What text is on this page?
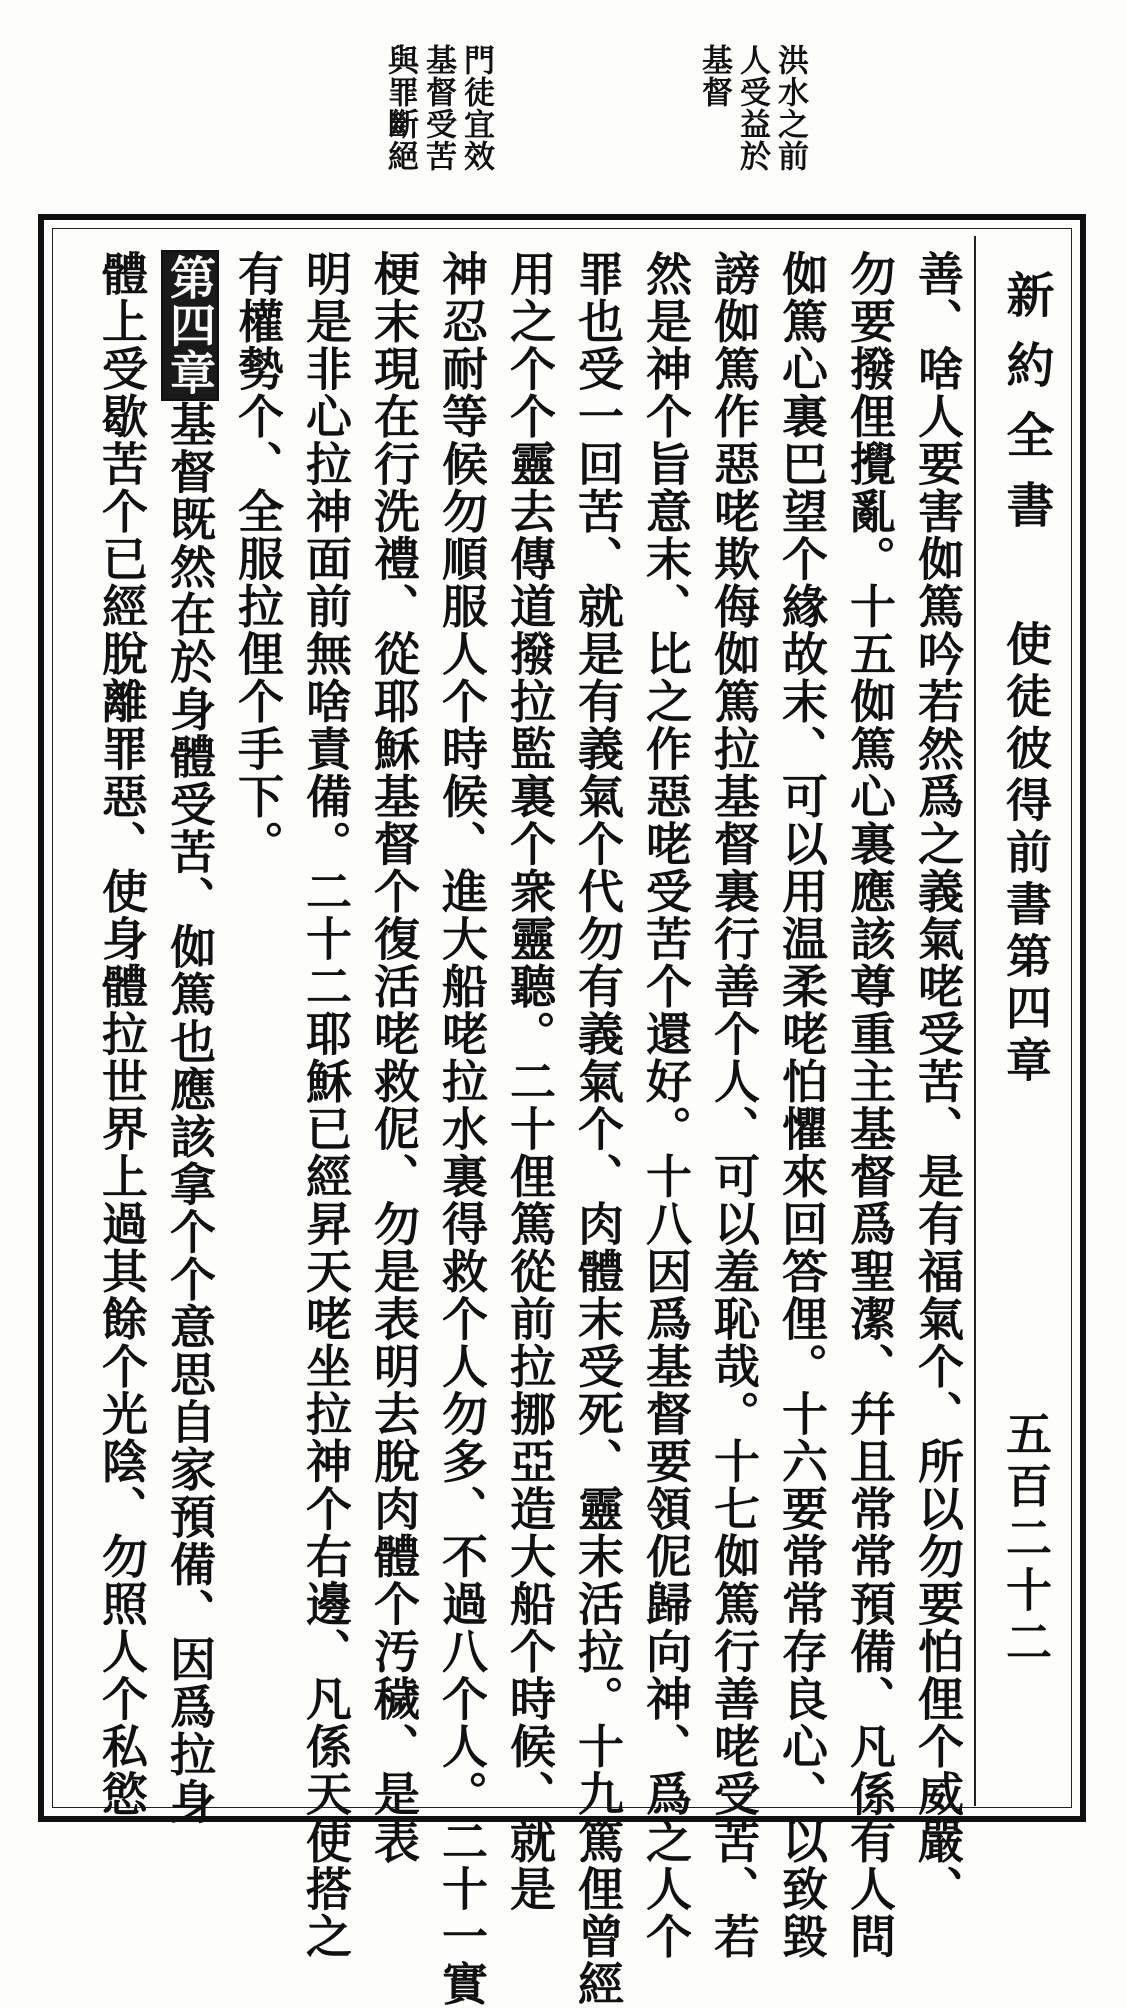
洪水之前
人受益於
基督
門徒宜效
基督受苦
與罪斷絕
新約全書
使徒彼得前書第四章
五百二十二
善、啥人要害侞篤吟若然爲之義氣咾受苦、是有福氣个、所以勿要怕俚个威嚴、
勿要撥俚攪亂。十五侞篤心裏應該尊重主基督爲聖潔、幷且常常預備、凡係有人問
侞篤心裏巴望个緣故末、可以用温柔咾怕懼來回答俚。十六要常常存良心、以致毀
謗侞篤作惡咾欺侮侞篤拉基督裏行善个人、可以羞恥哉。十七侞篤行善咾受苦、若
然是神个旨意末、比之作惡咾受苦个還好。十八因爲基督要領伲歸向神、爲之人个
罪也受一回苦、就是有義氣个代勿有義氣个、肉體末受死、靈末活拉。十九篤俚曾經
用之个个靈去傳道撥拉監裏个衆靈聽。二十俚篤從前拉挪亞造大船个時候、就是
神忍耐等候勿順服人个時候、進大船咾拉水裏得救个人勿多、不過八个人。二十一實
梗末現在行洗禮、從耶穌基督个復活咾救伲、勿是表明去脫肉體个汚穢、是表
明是非心拉神面前無啥責備。二十二耶穌已經昇天咾坐拉神个右邊、凡係天使搭之
有權勢个、全服拉俚个手下。
第四章基督既然在於身體受苦、侞篤也應該拿个个意思自家預備、因爲拉身
體上受歇苦个已經脫離罪惡、使身體拉世界上過其餘个光陰、勿照人个私慾
